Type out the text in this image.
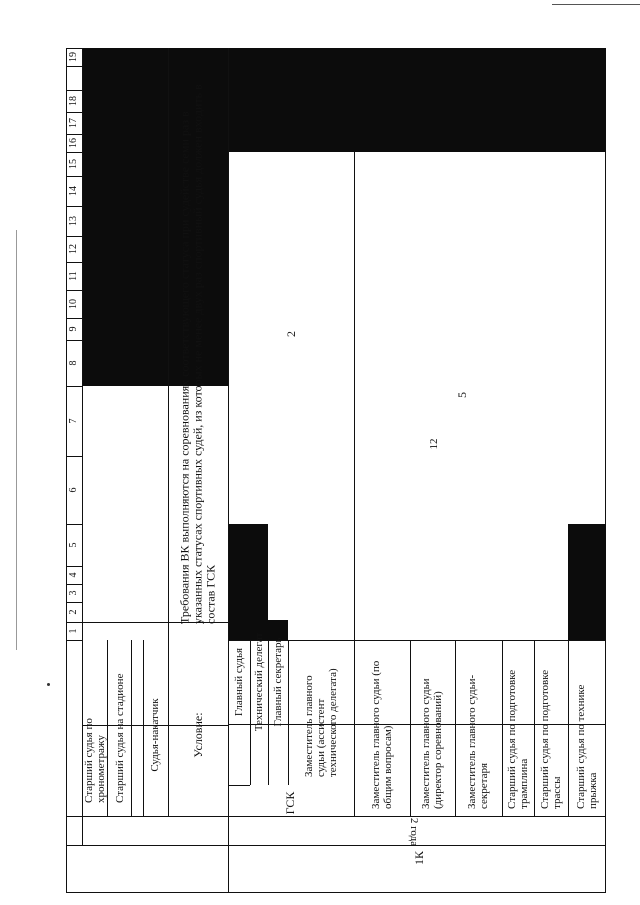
12
19
18
17
16
15
14
13
12
11
10
9
8
7
6
5
4
3
2
1
Старший судья по хронометражу Старший судья на стадионе Судья-накатчик	Условие:
Требования ВК выполняются на соревнованиях соответствующего статуса при судействе семи раз в указанных статусах спортивных судей, из которых не менее двух раз спортивный судья должен входить в состав ГСК
Главный судья Технический делегат Главный секретарь Заместитель главного судьи (ассистент технического делегата)	Заместитель главного судьи (по общим вопросам) Заместитель главного судьи (директор соревнований) Заместитель главного судьи-секретаря Старший судья по подготовке трамплина Старший судья по подготовке трассы Старший судья по технике прыжка
ГСК
2 года
1К
2
5
